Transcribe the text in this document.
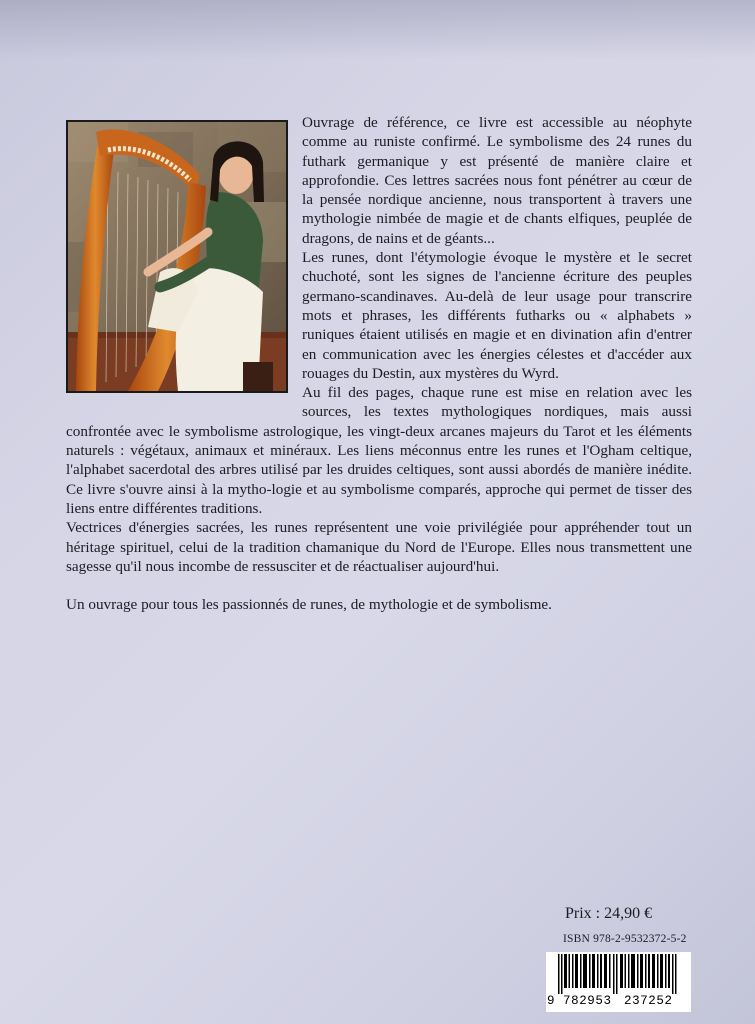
Ouvrage de référence, ce livre est accessible au néophyte comme au runiste confirmé. Le symbolisme des 24 runes du futhark germanique y est présenté de manière claire et approfondie. Ces lettres sacrées nous font pénétrer au cœur de la pensée nordique ancienne, nous transportent à travers une mythologie nimbée de magie et de chants elfiques, peuplée de dragons, de nains et de géants...

Les runes, dont l'étymologie évoque le mystère et le secret chuchoté, sont les signes de l'ancienne écriture des peuples germano-scandinaves. Au-delà de leur usage pour transcrire mots et phrases, les différents futharks ou « alphabets » runiques étaient utilisés en magie et en divination afin d'entrer en communication avec les énergies célestes et d'accéder aux rouages du Destin, aux mystères du Wyrd.

Au fil des pages, chaque rune est mise en relation avec les sources, les textes mythologiques nordiques, mais aussi confrontée avec le symbolisme astrologique, les vingt-deux arcanes majeurs du Tarot et les éléments naturels : végétaux, animaux et minéraux. Les liens méconnus entre les runes et l'Ogham celtique, l'alphabet sacerdotal des arbres utilisé par les druides celtiques, sont aussi abordés de manière inédite. Ce livre s'ouvre ainsi à la mytho-logie et au symbolisme comparés, approche qui permet de tisser des liens entre différentes traditions.

Vectrices d'énergies sacrées, les runes représentent une voie privilégiée pour appréhender tout un héritage spirituel, celui de la tradition chamanique du Nord de l'Europe. Elles nous transmettent une sagesse qu'il nous incombe de ressusciter et de réactualiser aujourd'hui.

Un ouvrage pour tous les passionnés de runes, de mythologie et de symbolisme.

Prix : 24,90 €
ISBN 978-2-9532372-5-2
9 782953 237252
